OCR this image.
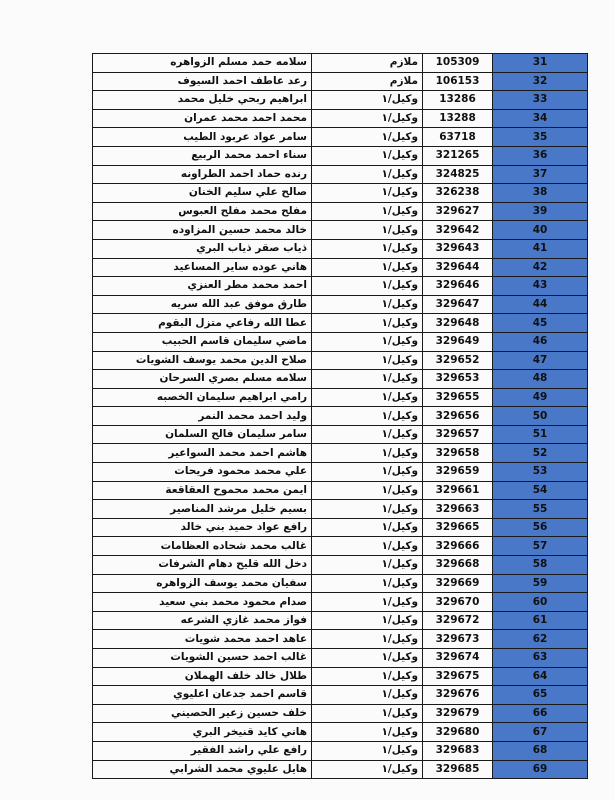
سلامه حمد مسلم الزواهره	ملازم	105309	31
رعد عاطف احمد السيوف	ملازم	106153	32
ابراهيم ربحي خليل محمد	وكيل/١	13286	33
محمد احمد محمد عمران	وكيل/١	13288	34
سامر عواد عربود الطيب	وكيل/١	63718	35
سناء احمد محمد الربيع	وكيل/١	321265	36
رنده حماد احمد الطراونه	وكيل/١	324825	37
صالح علي سليم الخنان	وكيل/١	326238	38
مفلح محمد مفلح العبوس	وكيل/١	329627	39
خالد محمد حسين المزاوده	وكيل/١	329642	40
ذياب صقر ذياب البري	وكيل/١	329643	41
هاني عوده ساير المساعيد	وكيل/١	329644	42
احمد محمد مطر العنزي	وكيل/١	329646	43
طارق موفق عبد الله سريه	وكيل/١	329647	44
عطا الله رفاعي متزل البقوم	وكيل/١	329648	45
ماضي سليمان قاسم الحبيب	وكيل/١	329649	46
صلاح الدين محمد يوسف الشويات	وكيل/١	329652	47
سلامه مسلم بصري السرحان	وكيل/١	329653	48
رامي ابراهيم سليمان الخصبه	وكيل/١	329655	49
وليد احمد محمد النمر	وكيل/١	329656	50
سامر سليمان فالح السلمان	وكيل/١	329657	51
هاشم احمد محمد السواعير	وكيل/١	329658	52
علي محمد محمود فريحات	وكيل/١	329659	53
ايمن محمد محموح العقاقعة	وكيل/١	329661	54
بسيم خليل مرشد المناصير	وكيل/١	329663	55
رافع عواد حميد بني خالد	وكيل/١	329665	56
غالب محمد شحاده العظامات	وكيل/١	329666	57
دخل الله قليح دهام الشرفات	وكيل/١	329668	58
سفيان محمد يوسف الزواهره	وكيل/١	329669	59
صدام محمود محمد بني سعيد	وكيل/١	329670	60
فواز محمد غازي الشرعه	وكيل/١	329672	61
عاهد احمد محمد شويات	وكيل/١	329673	62
غالب احمد حسين الشويات	وكيل/١	329674	63
طلال خالد خلف الهملان	وكيل/١	329675	64
قاسم احمد جدعان اعليوي	وكيل/١	329676	65
خلف حسين زعير الحصيني	وكيل/١	329679	66
هاني كايد قنيخر البري	وكيل/١	329680	67
رافع علي راشد الفقير	وكيل/١	329683	68
هايل عليوي محمد الشرابي	وكيل/١	329685	69
